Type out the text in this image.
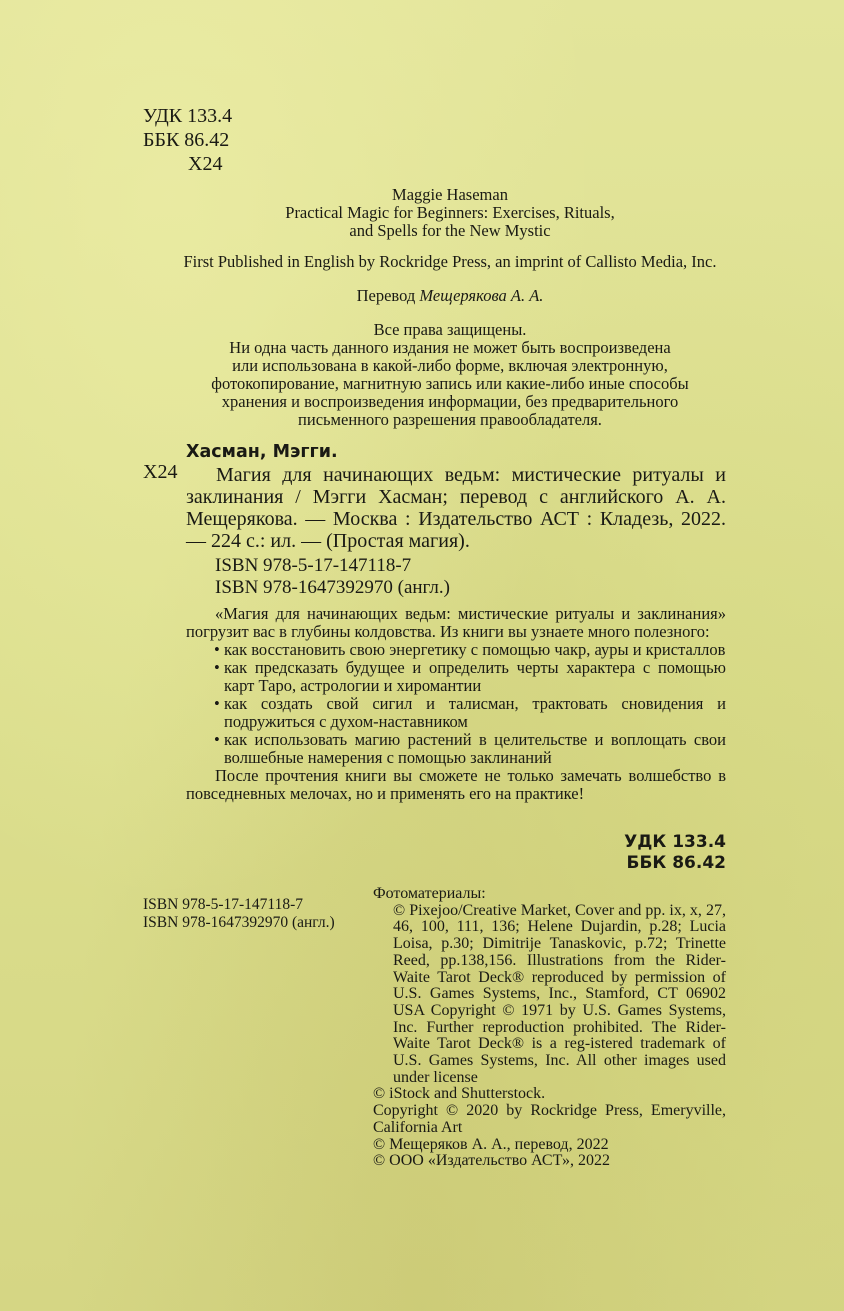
УДК 133.4
ББК 86.42
Х24
Maggie Haseman
Practical Magic for Beginners: Exercises, Rituals,
and Spells for the New Mystic
First Published in English by Rockridge Press, an imprint of Callisto Media, Inc.
Перевод Мещерякова А. А.
Все права защищены.
Ни одна часть данного издания не может быть воспроизведена
или использована в какой-либо форме, включая электронную,
фотокопирование, магнитную запись или какие-либо иные способы
хранения и воспроизведения информации, без предварительного
письменного разрешения правообладателя.
Х24
Хасман, Мэгги.
Магия для начинающих ведьм: мистические ритуалы и заклинания / Мэгги Хасман; перевод с английского А. А. Мещерякова. — Москва : Издательство АСТ : Кладезь, 2022. — 224 с.: ил. — (Простая магия).
ISBN 978-5-17-147118-7
ISBN 978-1647392970 (англ.)

«Магия для начинающих ведьм: мистические ритуалы и заклинания» погрузит вас в глубины колдовства. Из книги вы узнаете много полезного:

• как восстановить свою энергетику с помощью чакр, ауры и кристаллов
• как предсказать будущее и определить черты характера с помощью карт Таро, астрологии и хиромантии
• как создать свой сигил и талисман, трактовать сновидения и подружиться с духом-наставником
• как использовать магию растений в целительстве и воплощать свои волшебные намерения с помощью заклинаний

После прочтения книги вы сможете не только замечать волшебство в повседневных мелочах, но и применять его на практике!

УДК 133.4
ББК 86.42
ISBN 978-5-17-147118-7
ISBN 978-1647392970 (англ.)
Фотоматериалы:
© Pixejoo/Creative Market, Cover and pp. ix, x, 27, 46, 100, 111, 136; Helene Dujardin, p.28; Lucia Loisa, p.30; Dimitrije Tanaskovic, p.72; Trinette Reed, pp.138,156. Illustrations from the Rider-Waite Tarot Deck® reproduced by permission of U.S. Games Systems, Inc., Stamford, CT 06902 USA Copyright © 1971 by U.S. Games Systems, Inc. Further reproduction prohibited. The Rider-Waite Tarot Deck® is a reg-istered trademark of U.S. Games Systems, Inc. All other images used under license
© iStock and Shutterstock.
Copyright © 2020 by Rockridge Press, Emeryville, California Art
© Мещеряков А. А., перевод, 2022
© ООО «Издательство АСТ», 2022
